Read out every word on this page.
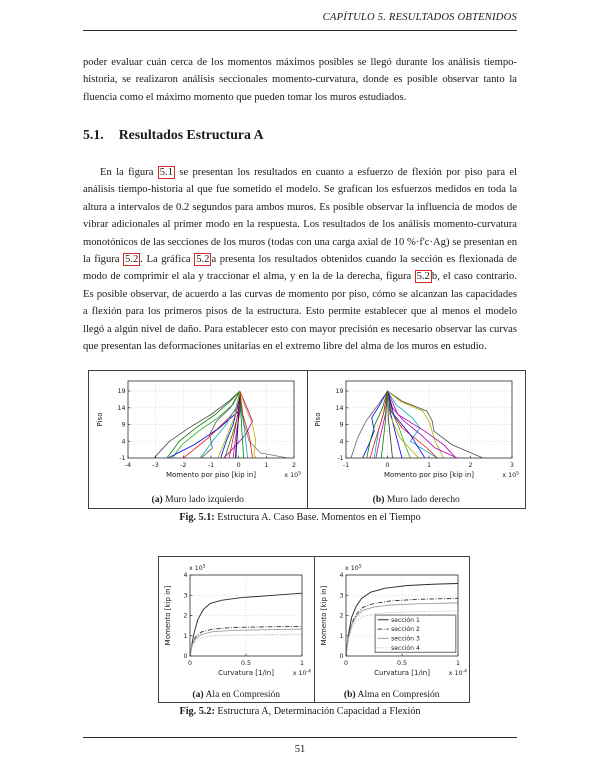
CAPÍTULO 5. RESULTADOS OBTENIDOS

poder evaluar cuán cerca de los momentos máximos posibles se llegó durante los análisis tiempo-historia, se realizaron análisis seccionales momento-curvatura, donde es posible observar tanto la fluencia como el máximo momento que pueden tomar los muros estudiados.

5.1. Resultados Estructura A

En la figura 5.1 se presentan los resultados en cuanto a esfuerzo de flexión por piso para el análisis tiempo-historia al que fue sometido el modelo. Se grafican los esfuerzos medidos en toda la altura a intervalos de 0.2 segundos para ambos muros. Es posible observar la influencia de modos de vibrar adicionales al primer modo en la respuesta. Los resultados de los análisis momento-curvatura monotónicos de las secciones de los muros (todas con una carga axial de 10 %·f'c·Ag) se presentan en la figura 5.2 . La gráfica 5.2 a presenta los resultados obtenidos cuando la sección es flexionada de modo de comprimir el ala y traccionar el alma, y en la de la derecha, figura 5.2 b, el caso contrario. Es posible observar, de acuerdo a las curvas de momento por piso, cómo se alcanzan las capacidades a flexión para los primeros pisos de la estructura. Esto permite establecer que al menos el modelo llegó a algún nivel de daño. Para establecer esto con mayor precisión es necesario observar las curvas que presentan las deformaciones unitarias en el extremo libre del alma de los muros en estudio.

-4	-3	-2	-1	0	1	2
-1
4
9
14
19
Momento por piso [kip in]
Piso
x $10^5$
(a) Muro lado izquierdo
-1	0	1	2	3
-1
4
9
14
19
Momento por piso [kip in]
Piso
x $10^5$
(b) Muro lado derecho
Fig. 5.1: Estructura A. Caso Base. Momentos en el Tiempo
0	0.5	1
0
1
2
3
4
Curvatura [1/in]
Momento [kip in]
x $10^{-4}$
x $10^5$
(a) Ala en Compresión
0	0.5	1
0
1
2
3
4
Curvatura [1/in]
Momento [kip in]
x $10^{-4}$
x $10^5$
sección 1
sección 2
sección 3
sección 4
(b) Alma en Compresión
Fig. 5.2: Estructura A, Determinación Capacidad a Flexión
51
